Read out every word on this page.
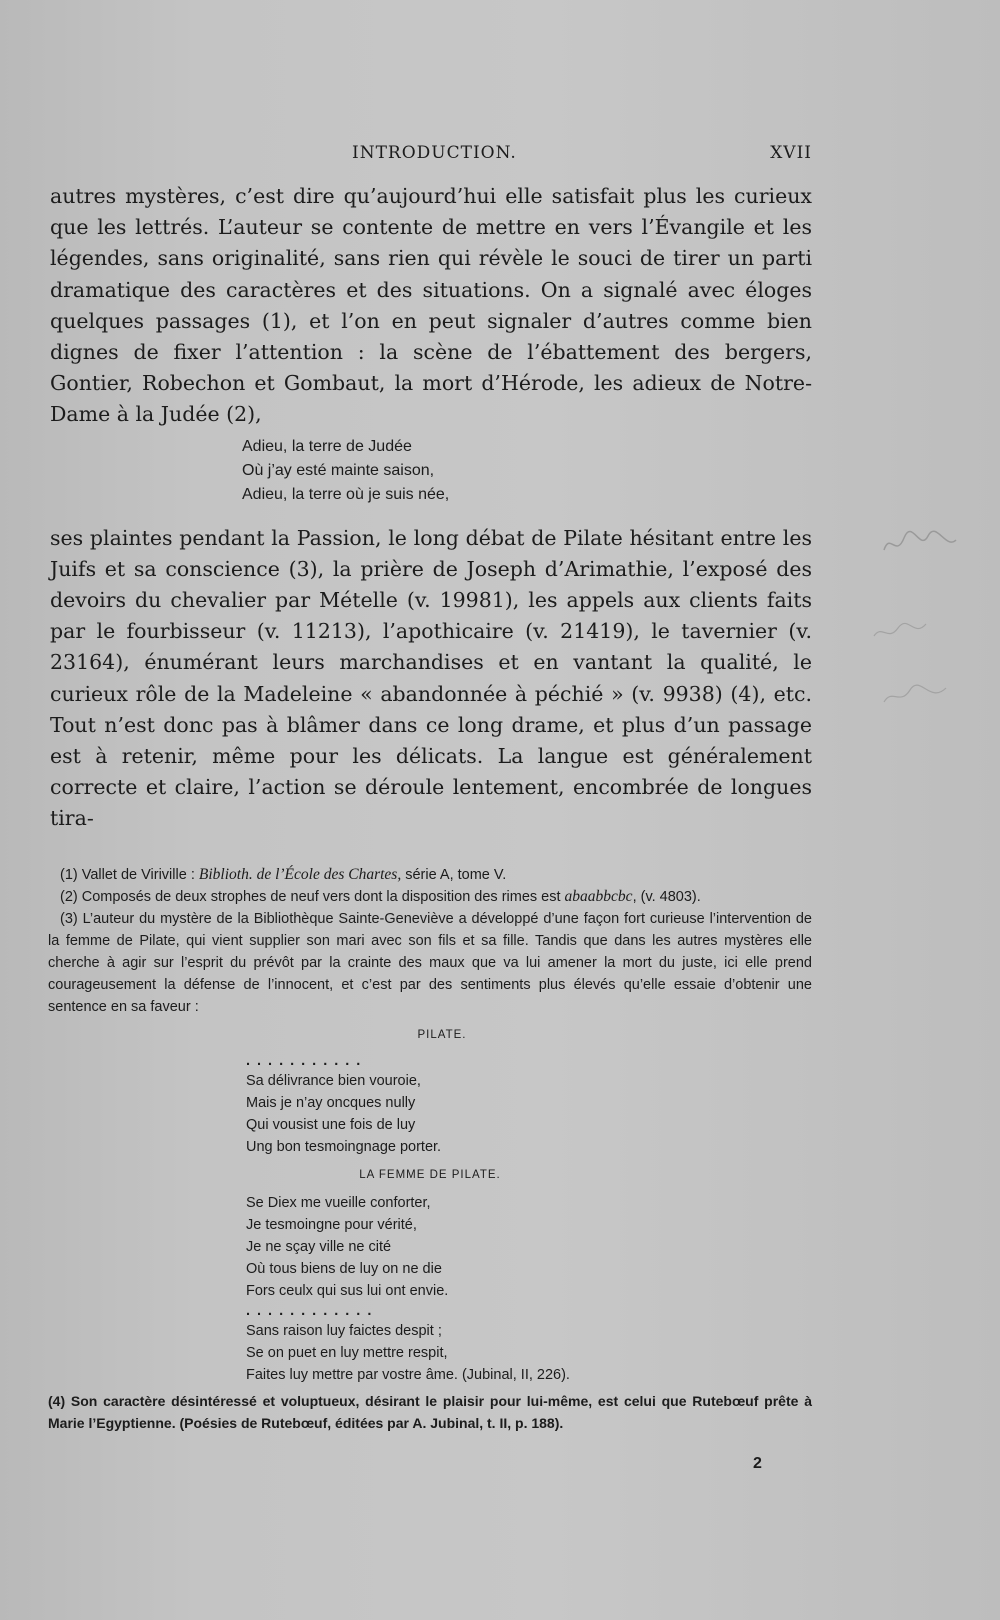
INTRODUCTION.	XVII

autres mystères, c’est dire qu’aujourd’hui elle satisfait plus les curieux que les lettrés. L’auteur se contente de mettre en vers l’Évangile et les légendes, sans originalité, sans rien qui révèle le souci de tirer un parti dramatique des caractères et des situations. On a signalé avec éloges quelques passages (1), et l’on en peut signaler d’autres comme bien dignes de fixer l’attention : la scène de l’ébattement des bergers, Gontier, Robechon et Gombaut, la mort d’Hérode, les adieux de Notre-Dame à la Judée (2),

Adieu, la terre de Judée
Où j’ay esté mainte saison,
Adieu, la terre où je suis née,

ses plaintes pendant la Passion, le long débat de Pilate hésitant entre les Juifs et sa conscience (3), la prière de Joseph d’Arimathie, l’exposé des devoirs du chevalier par Mételle (v. 19981), les appels aux clients faits par le fourbisseur (v. 11213), l’apothicaire (v. 21419), le tavernier (v. 23164), énumérant leurs marchandises et en vantant la qualité, le curieux rôle de la Madeleine « abandonnée à péchié » (v. 9938) (4), etc. Tout n’est donc pas à blâmer dans ce long drame, et plus d’un passage est à retenir, même pour les délicats. La langue est généralement correcte et claire, l’action se déroule lentement, encombrée de longues tira-

(1) Vallet de Viriville : Biblioth. de l’École des Chartes, série A, tome V.

(2) Composés de deux strophes de neuf vers dont la disposition des rimes est abaabbcbc, (v. 4803).

(3) L’auteur du mystère de la Bibliothèque Sainte-Geneviève a développé d’une façon fort curieuse l’intervention de la femme de Pilate, qui vient supplier son mari avec son fils et sa fille. Tandis que dans les autres mystères elle cherche à agir sur l’esprit du prévôt par la crainte des maux que va lui amener la mort du juste, ici elle prend courageusement la défense de l’innocent, et c’est par des sentiments plus élevés qu’elle essaie d’obtenir une sentence en sa faveur :

PILATE.
...........
Sa délivrance bien vouroie,
Mais je n’ay oncques nully
Qui vousist une fois de luy
Ung bon tesmoingnage porter.
LA FEMME DE PILATE.
Se Diex me vueille conforter,
Je tesmoingne pour vérité,
Je ne sçay ville ne cité
Où tous biens de luy on ne die
Fors ceulx qui sus lui ont envie.
............
Sans raison luy faictes despit ;
Se on puet en luy mettre respit,
Faites luy mettre par vostre âme. (Jubinal, II, 226).

(4) Son caractère désintéressé et voluptueux, désirant le plaisir pour lui-même, est celui que Rutebœuf prête à Marie l’Egyptienne. (Poésies de Rutebœuf, éditées par A. Jubinal, t. II, p. 188).

2
